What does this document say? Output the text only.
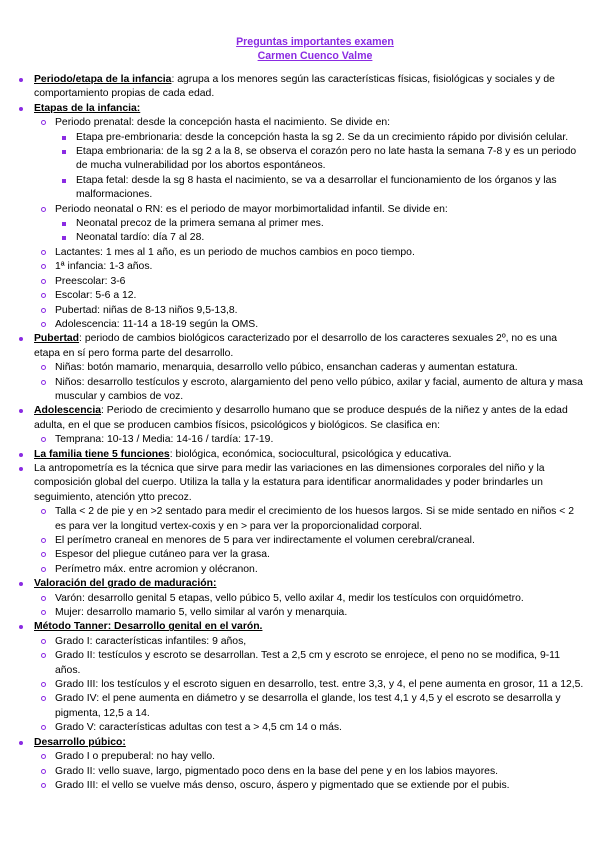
Preguntas importantes examen
Carmen Cuenco Valme
Periodo/etapa de la infancia: agrupa a los menores según las características físicas, fisiológicas y sociales y de comportamiento propias de cada edad.
Etapas de la infancia:
Periodo prenatal: desde la concepción hasta el nacimiento. Se divide en:
Etapa pre-embrionaria: desde la concepción hasta la sg 2. Se da un crecimiento rápido por división celular.
Etapa embrionaria: de la sg 2 a la 8, se observa el corazón pero no late hasta la semana 7-8 y es un periodo de mucha vulnerabilidad por los abortos espontáneos.
Etapa fetal: desde la sg 8 hasta el nacimiento, se va a desarrollar el funcionamiento de los órganos y las malformaciones.
Periodo neonatal o RN: es el periodo de mayor morbimortalidad infantil. Se divide en:
Neonatal precoz de la primera semana al primer mes.
Neonatal tardío: día 7 al 28.
Lactantes: 1 mes al 1 año, es un periodo de muchos cambios en poco tiempo.
1ª infancia: 1-3 años.
Preescolar: 3-6
Escolar: 5-6 a 12.
Pubertad: niñas de 8-13 niños 9,5-13,8.
Adolescencia: 11-14 a 18-19 según la OMS.
Pubertad: periodo de cambios biológicos caracterizado por el desarrollo de los caracteres sexuales 2º, no es una etapa en sí pero forma parte del desarrollo.
Niñas: botón mamario, menarquia, desarrollo vello púbico, ensanchan caderas y aumentan estatura.
Niños: desarrollo testículos y escroto, alargamiento del peno vello púbico, axilar y facial, aumento de altura y masa muscular y cambios de voz.
Adolescencia: Periodo de crecimiento y desarrollo humano que se produce después de la niñez y antes de la edad adulta, en el que se producen cambios físicos, psicológicos y biológicos. Se clasifica en:
Temprana: 10-13 / Media: 14-16 / tardía: 17-19.
La familia tiene 5 funciones: biológica, económica, sociocultural, psicológica y educativa.
La antropometría es la técnica que sirve para medir las variaciones en las dimensiones corporales del niño y la composición global del cuerpo. Utiliza la talla y la estatura para identificar anormalidades y poder brindarles un seguimiento, atención ytto precoz.
Talla < 2 de pie y en >2 sentado para medir el crecimiento de los huesos largos. Si se mide sentado en niños < 2 es para ver la longitud vertex-coxis y en > para ver la proporcionalidad corporal.
El perímetro craneal en menores de 5 para ver indirectamente el volumen cerebral/craneal.
Espesor del pliegue cutáneo para ver la grasa.
Perímetro máx. entre acromion y olécranon.
Valoración del grado de maduración:
Varón: desarrollo genital 5 etapas, vello púbico 5, vello axilar 4, medir los testículos con orquidómetro.
Mujer: desarrollo mamario 5, vello similar al varón y menarquia.
Método Tanner: Desarrollo genital en el varón.
Grado I: características infantiles: 9 años,
Grado II: testículos y escroto se desarrollan. Test a 2,5 cm y escroto se enrojece, el peno no se modifica, 9-11 años.
Grado III: los testículos y el escroto siguen en desarrollo, test. entre 3,3, y 4, el pene aumenta en grosor, 11 a 12,5.
Grado IV: el pene aumenta en diámetro y se desarrolla el glande, los test 4,1 y 4,5 y el escroto se desarrolla y pigmenta, 12,5 a 14.
Grado V: características adultas con test a > 4,5 cm 14 o más.
Desarrollo púbico:
Grado I o prepuberal: no hay vello.
Grado II: vello suave, largo, pigmentado poco dens en la base del pene y en los labios mayores.
Grado III: el vello se vuelve más denso, oscuro, áspero y pigmentado que se extiende por el pubis.
